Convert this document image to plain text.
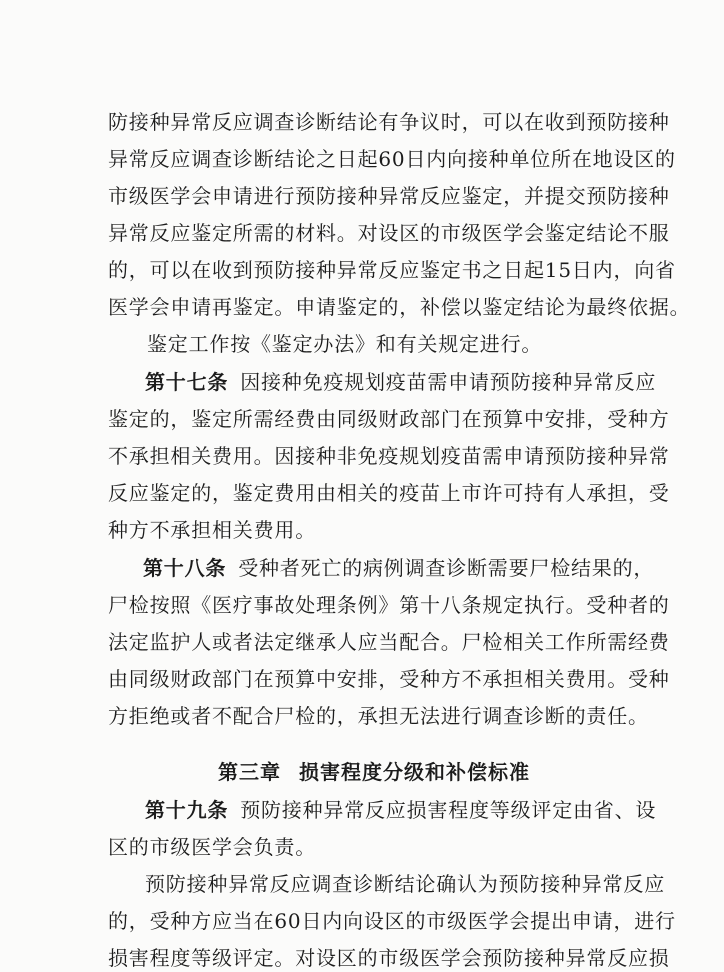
防接种异常反应调查诊断结论有争议时，可以在收到预防接种
异常反应调查诊断结论之日起60日内向接种单位所在地设区的
市级医学会申请进行预防接种异常反应鉴定，并提交预防接种
异常反应鉴定所需的材料。对设区的市级医学会鉴定结论不服
的，可以在收到预防接种异常反应鉴定书之日起15日内，向省
医学会申请再鉴定。申请鉴定的，补偿以鉴定结论为最终依据。
鉴定工作按《鉴定办法》和有关规定进行。
第十七条 因接种免疫规划疫苗需申请预防接种异常反应
鉴定的，鉴定所需经费由同级财政部门在预算中安排，受种方
不承担相关费用。因接种非免疫规划疫苗需申请预防接种异常
反应鉴定的，鉴定费用由相关的疫苗上市许可持有人承担，受
种方不承担相关费用。
第十八条 受种者死亡的病例调查诊断需要尸检结果的，
尸检按照《医疗事故处理条例》第十八条规定执行。受种者的
法定监护人或者法定继承人应当配合。尸检相关工作所需经费
由同级财政部门在预算中安排，受种方不承担相关费用。受种
方拒绝或者不配合尸检的，承担无法进行调查诊断的责任。
第三章 损害程度分级和补偿标准
第十九条 预防接种异常反应损害程度等级评定由省、设
区的市级医学会负责。
预防接种异常反应调查诊断结论确认为预防接种异常反应
的，受种方应当在60日内向设区的市级医学会提出申请，进行
损害程度等级评定。对设区的市级医学会预防接种异常反应损
